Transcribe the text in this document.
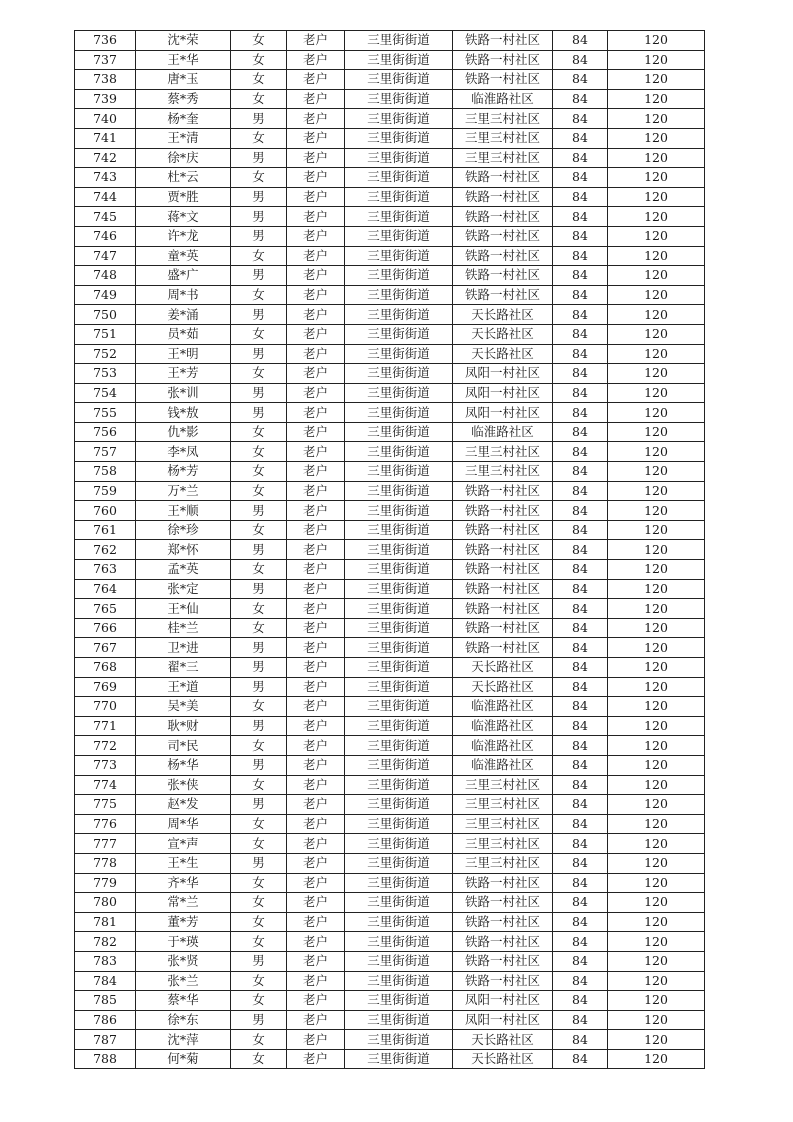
736	沈*荣	女	老户	三里街街道	铁路一村社区	84	120
737	王*华	女	老户	三里街街道	铁路一村社区	84	120
738	唐*玉	女	老户	三里街街道	铁路一村社区	84	120
739	蔡*秀	女	老户	三里街街道	临淮路社区	84	120
740	杨*奎	男	老户	三里街街道	三里三村社区	84	120
741	王*清	女	老户	三里街街道	三里三村社区	84	120
742	徐*庆	男	老户	三里街街道	三里三村社区	84	120
743	杜*云	女	老户	三里街街道	铁路一村社区	84	120
744	贾*胜	男	老户	三里街街道	铁路一村社区	84	120
745	蒋*文	男	老户	三里街街道	铁路一村社区	84	120
746	许*龙	男	老户	三里街街道	铁路一村社区	84	120
747	童*英	女	老户	三里街街道	铁路一村社区	84	120
748	盛*广	男	老户	三里街街道	铁路一村社区	84	120
749	周*书	女	老户	三里街街道	铁路一村社区	84	120
750	姜*涌	男	老户	三里街街道	天长路社区	84	120
751	员*茹	女	老户	三里街街道	天长路社区	84	120
752	王*明	男	老户	三里街街道	天长路社区	84	120
753	王*芳	女	老户	三里街街道	凤阳一村社区	84	120
754	张*训	男	老户	三里街街道	凤阳一村社区	84	120
755	钱*敖	男	老户	三里街街道	凤阳一村社区	84	120
756	仇*影	女	老户	三里街街道	临淮路社区	84	120
757	李*凤	女	老户	三里街街道	三里三村社区	84	120
758	杨*芳	女	老户	三里街街道	三里三村社区	84	120
759	万*兰	女	老户	三里街街道	铁路一村社区	84	120
760	王*顺	男	老户	三里街街道	铁路一村社区	84	120
761	徐*珍	女	老户	三里街街道	铁路一村社区	84	120
762	郑*怀	男	老户	三里街街道	铁路一村社区	84	120
763	孟*英	女	老户	三里街街道	铁路一村社区	84	120
764	张*定	男	老户	三里街街道	铁路一村社区	84	120
765	王*仙	女	老户	三里街街道	铁路一村社区	84	120
766	桂*兰	女	老户	三里街街道	铁路一村社区	84	120
767	卫*进	男	老户	三里街街道	铁路一村社区	84	120
768	翟*三	男	老户	三里街街道	天长路社区	84	120
769	王*道	男	老户	三里街街道	天长路社区	84	120
770	吴*美	女	老户	三里街街道	临淮路社区	84	120
771	耿*财	男	老户	三里街街道	临淮路社区	84	120
772	司*民	女	老户	三里街街道	临淮路社区	84	120
773	杨*华	男	老户	三里街街道	临淮路社区	84	120
774	张*侠	女	老户	三里街街道	三里三村社区	84	120
775	赵*发	男	老户	三里街街道	三里三村社区	84	120
776	周*华	女	老户	三里街街道	三里三村社区	84	120
777	宣*声	女	老户	三里街街道	三里三村社区	84	120
778	王*生	男	老户	三里街街道	三里三村社区	84	120
779	齐*华	女	老户	三里街街道	铁路一村社区	84	120
780	常*兰	女	老户	三里街街道	铁路一村社区	84	120
781	董*芳	女	老户	三里街街道	铁路一村社区	84	120
782	于*瑛	女	老户	三里街街道	铁路一村社区	84	120
783	张*贤	男	老户	三里街街道	铁路一村社区	84	120
784	张*兰	女	老户	三里街街道	铁路一村社区	84	120
785	蔡*华	女	老户	三里街街道	凤阳一村社区	84	120
786	徐*东	男	老户	三里街街道	凤阳一村社区	84	120
787	沈*萍	女	老户	三里街街道	天长路社区	84	120
788	何*菊	女	老户	三里街街道	天长路社区	84	120
